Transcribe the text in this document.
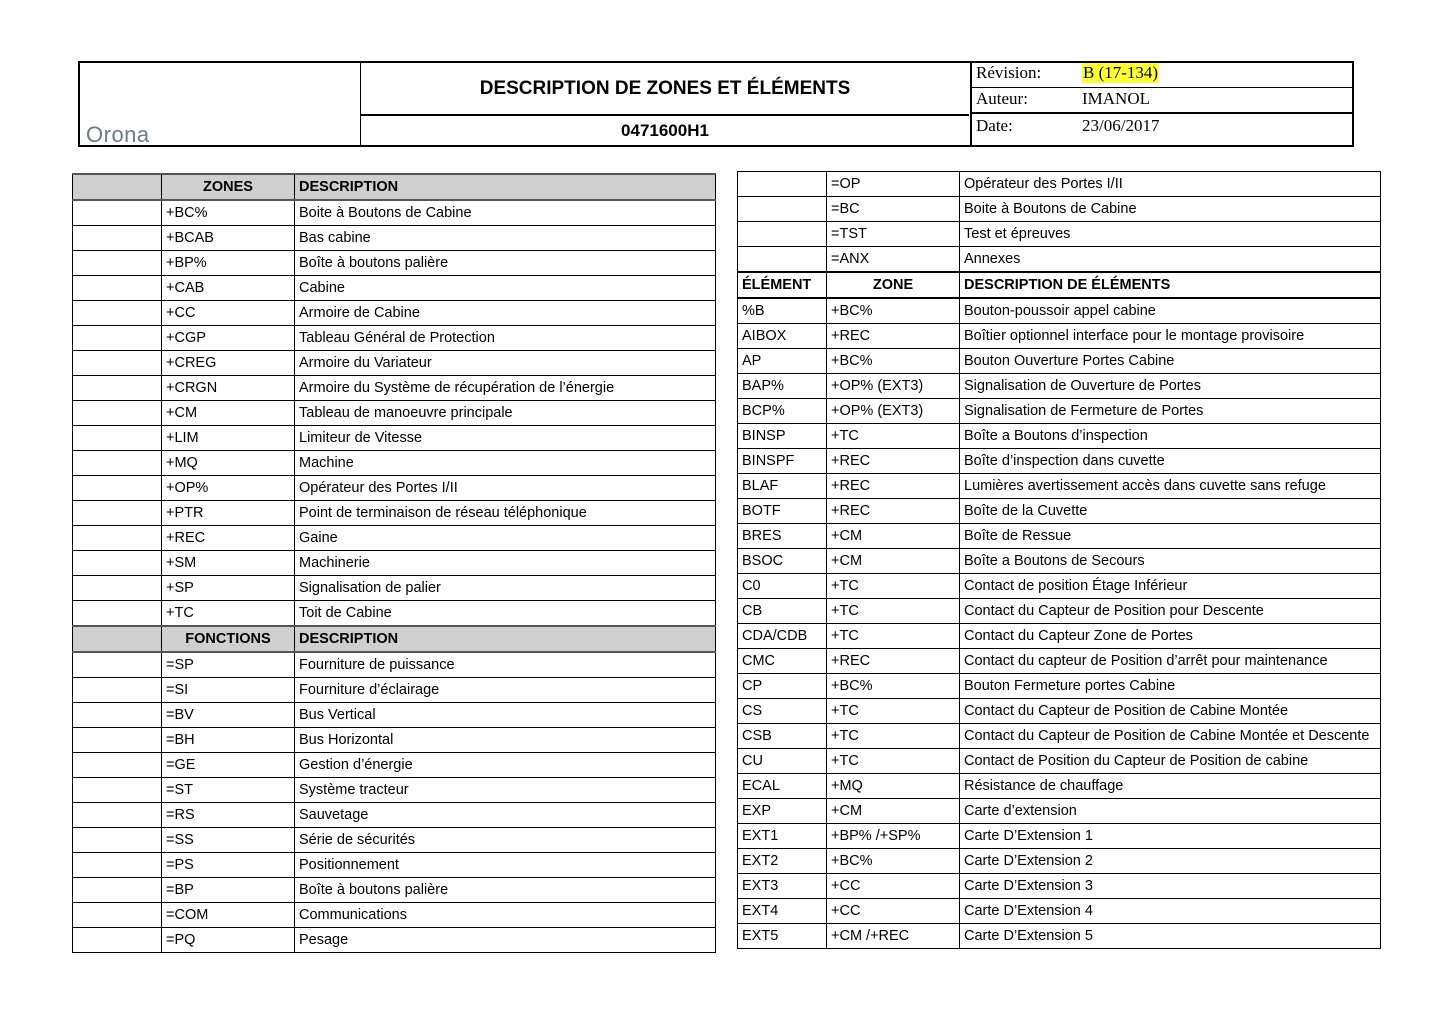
Orona
DESCRIPTION DE ZONES ET ÉLÉMENTS
0471600H1
Révision: B (17-134)
Auteur:	IMANOL
Date:	23/06/2017
	ZONES	DESCRIPTION
	+BC%	Boite à Boutons de Cabine
	+BCAB	Bas cabine
	+BP%	Boîte à boutons palière
	+CAB	Cabine
	+CC	Armoire de Cabine
	+CGP	Tableau Général de Protection
	+CREG	Armoire du Variateur
	+CRGN	Armoire du Système de récupération de l’énergie
	+CM	Tableau de manoeuvre principale
	+LIM	Limiteur de Vitesse
	+MQ	Machine
	+OP%	Opérateur des Portes I/II
	+PTR	Point de terminaison de réseau téléphonique
	+REC	Gaine
	+SM	Machinerie
	+SP	Signalisation de palier
	+TC	Toit de Cabine
	FONCTIONS	DESCRIPTION
	=SP	Fourniture de puissance
	=SI	Fourniture d’éclairage
	=BV	Bus Vertical
	=BH	Bus Horizontal
	=GE	Gestion d’énergie
	=ST	Système tracteur
	=RS	Sauvetage
	=SS	Série de sécurités
	=PS	Positionnement
	=BP	Boîte à boutons palière
	=COM	Communications
	=PQ	Pesage
	=OP	Opérateur des Portes I/II
	=BC	Boite à Boutons de Cabine
	=TST	Test et épreuves
	=ANX	Annexes
ÉLÉMENT	ZONE	DESCRIPTION DE ÉLÉMENTS
%B	+BC%	Bouton-poussoir appel cabine
AIBOX	+REC	Boîtier optionnel interface pour le montage provisoire
AP	+BC%	Bouton Ouverture Portes Cabine
BAP%	+OP% (EXT3)	Signalisation de Ouverture de Portes
BCP%	+OP% (EXT3)	Signalisation de Fermeture de Portes
BINSP	+TC	Boîte a Boutons d’inspection
BINSPF	+REC	Boîte d’inspection dans cuvette
BLAF	+REC	Lumières avertissement accès dans cuvette sans refuge
BOTF	+REC	Boîte de la Cuvette
BRES	+CM	Boîte de Ressue
BSOC	+CM	Boîte a Boutons de Secours
C0	+TC	Contact de position Étage Inférieur
CB	+TC	Contact du Capteur de Position pour Descente
CDA/CDB	+TC	Contact du Capteur Zone de Portes
CMC	+REC	Contact du capteur de Position d’arrêt pour maintenance
CP	+BC%	Bouton Fermeture portes Cabine
CS	+TC	Contact du Capteur de Position de Cabine Montée
CSB	+TC	Contact du Capteur de Position de Cabine Montée et Descente
CU	+TC	Contact de Position du Capteur de Position de cabine
ECAL	+MQ	Résistance de chauffage
EXP	+CM	Carte d’extension
EXT1	+BP% /+SP%	Carte D’Extension 1
EXT2	+BC%	Carte D’Extension 2
EXT3	+CC	Carte D’Extension 3
EXT4	+CC	Carte D’Extension 4
EXT5	+CM /+REC	Carte D’Extension 5
